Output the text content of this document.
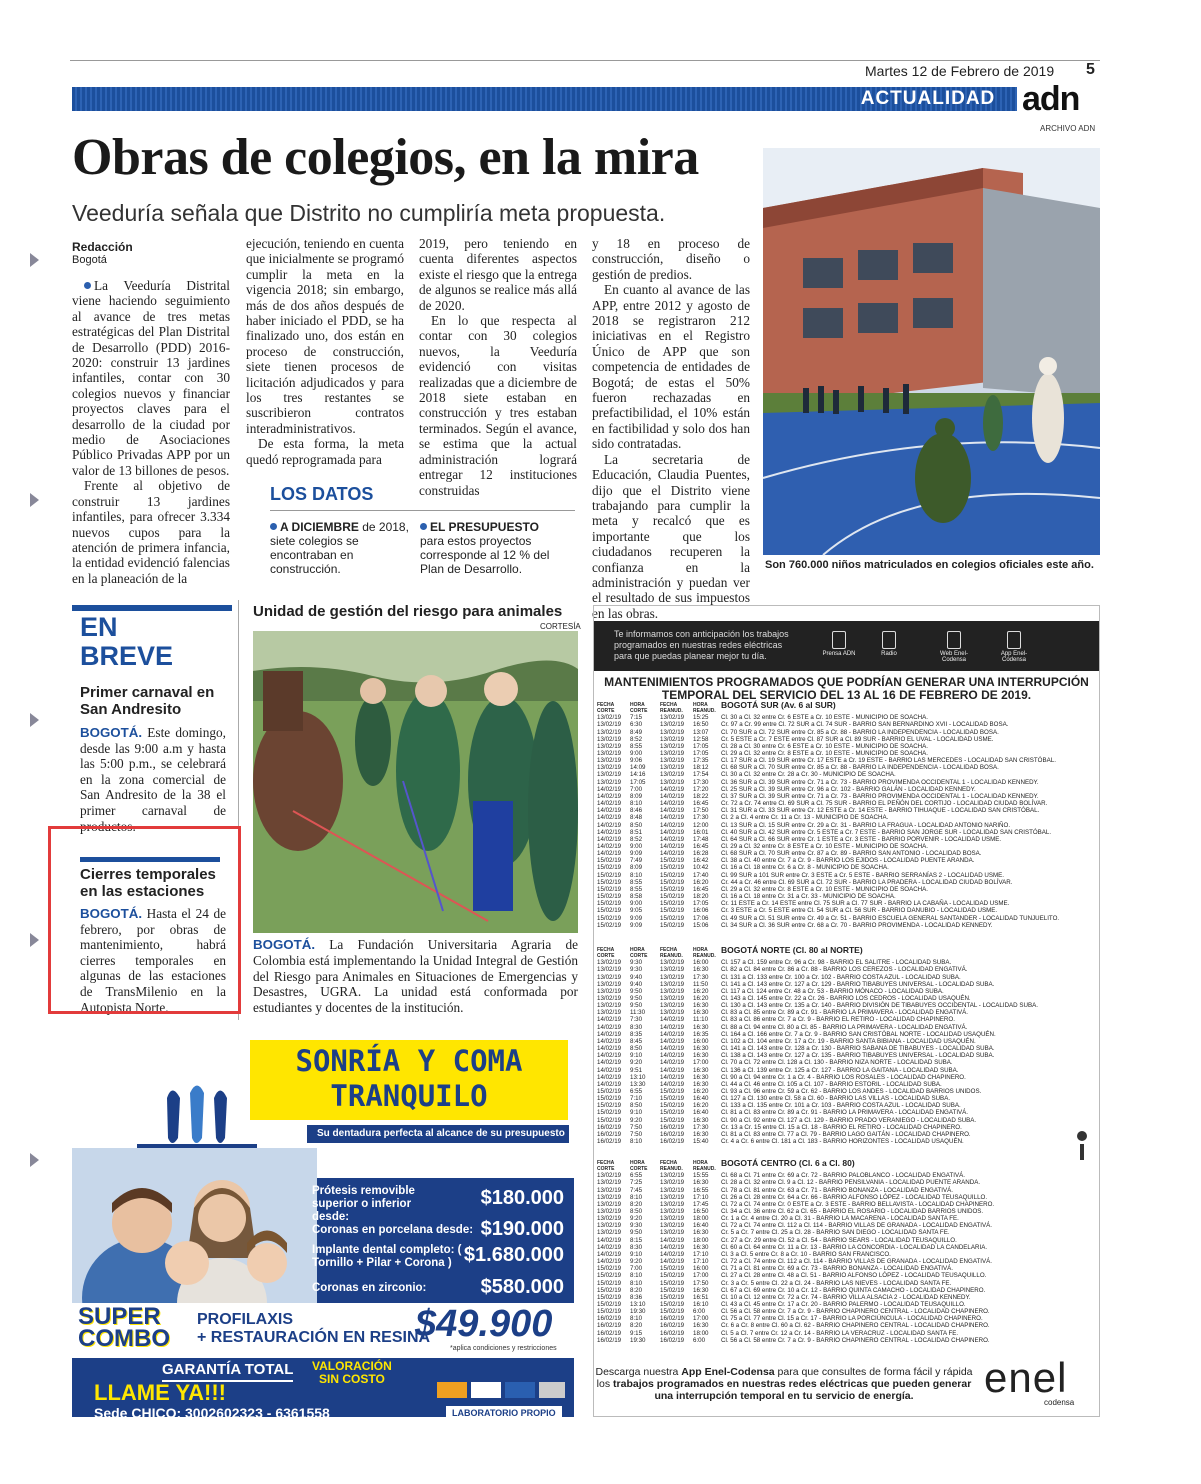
Martes 12 de Febrero de 2019 5
ACTUALIDAD adn
ARCHIVO ADN
Obras de colegios, en la mira
Veeduría señala que Distrito no cumpliría meta propuesta.
Redacción
Bogotá

La Veeduría Distrital viene haciendo seguimiento al avance de tres metas estratégicas del Plan Distrital de Desarrollo (PDD) 2016-2020: construir 13 jardines infantiles, contar con 30 colegios nuevos y financiar proyectos claves para el desarrollo de la ciudad por medio de Asociaciones Público Privadas APP por un valor de 13 billones de pesos.

Frente al objetivo de construir 13 jardines infantiles, para ofrecer 3.334 nuevos cupos para la atención de primera infancia, la entidad evidenció falencias en la planeación de la

ejecución, teniendo en cuenta que inicialmente se programó cumplir la meta en la vigencia 2018; sin embargo, más de dos años después de haber iniciado el PDD, se ha finalizado uno, dos están en proceso de construcción, siete tienen procesos de licitación adjudicados y para los tres restantes se suscribieron contratos interadministrativos.

De esta forma, la meta quedó reprogramada para

2019, pero teniendo en cuenta diferentes aspectos existe el riesgo que la entrega de algunos se realice más allá de 2020.

En lo que respecta al contar con 30 colegios nuevos, la Veeduría evidenció con visitas realizadas que a diciembre de 2018 siete estaban en construcción y tres estaban terminados. Según el avance, se estima que la actual administración logrará entregar 12 instituciones construidas

y 18 en proceso de construcción, diseño o gestión de predios.

En cuanto al avance de las APP, entre 2012 y agosto de 2018 se registraron 212 iniciativas en el Registro Único de APP que son competencia de entidades de Bogotá; de estas el 50% fueron rechazadas en prefactibilidad, el 10% están en factibilidad y solo dos han sido contratadas.

La secretaria de Educación, Claudia Puentes, dijo que el Distrito viene trabajando para cumplir la meta y recalcó que es importante que los ciudadanos recuperen la confianza en la administración y puedan ver el resultado de sus impuestos en las obras.

LOS DATOS
A DICIEMBRE de 2018, siete colegios se encontraban en construcción.
EL PRESUPUESTO para estos proyectos corresponde al 12 % del Plan de Desarrollo.	Son 760.000 niños matriculados en colegios oficiales este año.
EN
BREVE
Primer carnaval en San Andresito
BOGOTÁ. Este domingo, desde las 9:00 a.m y hasta las 5:00 p.m., se celebrará en la zona comercial de San Andresito de la 38 el primer carnaval de productos.
Cierres temporales en las estaciones
BOGOTÁ. Hasta el 24 de febrero, por obras de mantenimiento, habrá cierres temporales en algunas de las estaciones de TransMilenio en la Autopista Norte.
Unidad de gestión del riesgo para animales
CORTESÍA
BOGOTÁ. La Fundación Universitaria Agraria de Colombia está implementando la Unidad Integral de Gestión del Riesgo para Animales en Situaciones de Emergencias y Desastres, UGRA. La unidad está conformada por estudiantes y docentes de la institución.
Te informamos con anticipación los trabajos programados en nuestras redes eléctricas para que puedas planear mejor tu día.	Prensa ADN	Radio	Web Enel-Codensa
App Enel-Codensa
MANTENIMIENTOS PROGRAMADOS QUE PODRÍAN GENERAR UNA INTERRUPCIÓN TEMPORAL DEL SERVICIO DEL 13 AL 16 DE FEBRERO DE 2019.
FECHA CORTE
HORA CORTE
FECHA REANUD.
HORA REANUD.
BOGOTÁ SUR (Av. 6 al SUR)
13/02/19	7:15	13/02/19	15:25	Cl. 30 a Cl. 32 entre Cr. 6 ESTE a Cr. 10 ESTE - MUNICIPIO DE SOACHA.
13/02/19	6:30	13/02/19	16:50	Cr. 97 a Cr. 99 entre Cl. 72 SUR a Cl. 74 SUR - BARRIO SAN BERNARDINO XVII - LOCALIDAD BOSA.
13/02/19	8:49	13/02/19	13:07	Cl. 70 SUR a Cl. 72 SUR entre Cr. 85 a Cr. 88 - BARRIO LA INDEPENDENCIA - LOCALIDAD BOSA.
13/02/19	8:52	13/02/19	12:58	Cr. 5 ESTE a Cr. 7 ESTE entre Cl. 87 SUR a Cl. 89 SUR - BARRIO EL UVAL - LOCALIDAD USME.
13/02/19	8:55	13/02/19	17:05	Cl. 28 a Cl. 30 entre Cr. 6 ESTE a Cr. 10 ESTE - MUNICIPIO DE SOACHA.
13/02/19	9:00	13/02/19	17:05	Cl. 29 a Cl. 32 entre Cr. 8 ESTE a Cr. 10 ESTE - MUNICIPIO DE SOACHA.
13/02/19	9:06	13/02/19	17:35	Cl. 17 SUR a Cl. 19 SUR entre Cr. 17 ESTE a Cr. 19 ESTE - BARRIO LAS MERCEDES - LOCALIDAD SAN CRISTÓBAL.
13/02/19	14:09	13/02/19	18:12	Cl. 68 SUR a Cl. 70 SUR entre Cr. 85 a Cr. 88 - BARRIO LA INDEPENDENCIA - LOCALIDAD BOSA.
13/02/19	14:16	13/02/19	17:54	Cl. 30 a Cl. 32 entre Cr. 28 a Cr. 30 - MUNICIPIO DE SOACHA.
13/02/19	17:05	13/02/19	17:30	Cl. 36 SUR a Cl. 39 SUR entre Cr. 71 a Cr. 73 - BARRIO PROVIMENDA OCCIDENTAL 1 - LOCALIDAD KENNEDY.
14/02/19	7:00	14/02/19	17:20	Cl. 25 SUR a Cl. 39 SUR entre Cr. 96 a Cr. 102 - BARRIO GALÁN - LOCALIDAD KENNEDY.
14/02/19	8:09	14/02/19	18:22	Cl. 37 SUR a Cl. 39 SUR entre Cr. 71 a Cr. 73 - BARRIO PROVIMENDA OCCIDENTAL 1 - LOCALIDAD KENNEDY.
14/02/19	8:10	14/02/19	16:45	Cr. 72 a Cr. 74 entre Cl. 69 SUR a Cl. 75 SUR - BARRIO EL PEÑÓN DEL CORTIJO - LOCALIDAD CIUDAD BOLÍVAR.
14/02/19	8:46	14/02/19	17:50	Cl. 31 SUR a Cl. 33 SUR entre Cr. 12 ESTE a Cr. 14 ESTE - BARRIO TIHUAQUE - LOCALIDAD SAN CRISTÓBAL.
14/02/19	8:48	14/02/19	17:30	Cl. 2 a Cl. 4 entre Cr. 11 a Cr. 13 - MUNICIPIO DE SOACHA.
14/02/19	8:50	14/02/19	12:00	Cl. 13 SUR a Cl. 15 SUR entre Cr. 29 a Cr. 31 - BARRIO LA FRAGUA - LOCALIDAD ANTONIO NARIÑO.
14/02/19	8:51	14/02/19	16:01	Cl. 40 SUR a Cl. 42 SUR entre Cr. 5 ESTE a Cr. 7 ESTE - BARRIO SAN JORGE SUR - LOCALIDAD SAN CRISTÓBAL.
14/02/19	8:52	14/02/19	17:48	Cl. 64 SUR a Cl. 66 SUR entre Cr. 1 ESTE a Cr. 3 ESTE - BARRIO PORVENIR - LOCALIDAD USME.
14/02/19	9:00	14/02/19	16:45	Cl. 29 a Cl. 32 entre Cr. 8 ESTE a Cr. 10 ESTE - MUNICIPIO DE SOACHA.
14/02/19	9:09	14/02/19	16:28	Cl. 68 SUR a Cl. 70 SUR entre Cr. 87 a Cr. 89 - BARRIO SAN ANTONIO - LOCALIDAD BOSA.
15/02/19	7:49	15/02/19	16:42	Cl. 38 a Cl. 40 entre Cr. 7 a Cr. 9 - BARRIO LOS EJIDOS - LOCALIDAD PUENTE ARANDA.
15/02/19	8:09	15/02/19	10:42	Cl. 16 a Cl. 18 entre Cr. 6 a Cr. 8 - MUNICIPIO DE SOACHA.
15/02/19	8:10	15/02/19	17:40	Cl. 99 SUR a 101 SUR entre Cr. 3 ESTE a Cr. 5 ESTE - BARRIO SERRANÍAS 2 - LOCALIDAD USME.
15/02/19	8:55	15/02/19	16:20	Cr. 44 a Cr. 46 entre Cl. 69 SUR a Cl. 72 SUR - BARRIO LA PRADERA - LOCALIDAD CIUDAD BOLÍVAR.
15/02/19	8:55	15/02/19	16:45	Cl. 29 a Cl. 32 entre Cr. 8 ESTE a Cr. 10 ESTE - MUNICIPIO DE SOACHA.
15/02/19	8:58	15/02/19	18:20	Cl. 16 a Cl. 18 entre Cr. 31 a Cr. 33 - MUNICIPIO DE SOACHA.
15/02/19	9:00	15/02/19	17:05	Cr. 11 ESTE a Cr. 14 ESTE entre Cl. 75 SUR a Cl. 77 SUR - BARRIO LA CABAÑA - LOCALIDAD USME.
15/02/19	9:05	15/02/19	16:06	Cr. 3 ESTE a Cr. 5 ESTE entre Cl. 54 SUR a Cl. 56 SUR - BARRIO DANUBIO - LOCALIDAD USME.
15/02/19	9:09	15/02/19	17:06	Cl. 49 SUR a Cl. 51 SUR entre Cr. 49 a Cr. 51 - BARRIO ESCUELA GENERAL SANTANDER - LOCALIDAD TUNJUELITO.
15/02/19	9:09	15/02/19	15:06	Cl. 34 SUR a Cl. 36 SUR entre Cr. 68 a Cr. 70 - BARRIO PROVIMENDA - LOCALIDAD KENNEDY.
FECHA CORTE
HORA CORTE
FECHA REANUD.
HORA REANUD.
BOGOTÁ NORTE (Cl. 80 al NORTE)
13/02/19	9:30	13/02/19	16:00	Cl. 157 a Cl. 159 entre Cr. 96 a Cr. 98 - BARRIO EL SALITRE - LOCALIDAD SUBA.
13/02/19	9:30	13/02/19	16:30	Cl. 82 a Cl. 84 entre Cr. 86 a Cr. 88 - BARRIO LOS CEREZOS - LOCALIDAD ENGATIVÁ.
13/02/19	9:40	13/02/19	17:30	Cl. 131 a Cl. 133 entre Cr. 100 a Cr. 102 - BARRIO COSTA AZUL - LOCALIDAD SUBA.
13/02/19	9:40	13/02/19	11:50	Cl. 141 a Cl. 143 entre Cr. 127 a Cr. 129 - BARRIO TIBABUYES UNIVERSAL - LOCALIDAD SUBA.
13/02/19	9:50	13/02/19	16:20	Cl. 117 a Cl. 124 entre Cr. 48 a Cr. 53 - BARRIO MÓNACO - LOCALIDAD SUBA.
13/02/19	9:50	13/02/19	16:20	Cl. 143 a Cl. 145 entre Cr. 22 a Cr. 26 - BARRIO LOS CEDROS - LOCALIDAD USAQUÉN.
13/02/19	9:50	13/02/19	16:30	Cl. 130 a Cl. 143 entre Cr. 135 a Cr. 140 - BARRIO DIVISIÓN DE TIBABUYES OCCIDENTAL - LOCALIDAD SUBA.
13/02/19	11:30	13/02/19	16:30	Cl. 83 a Cl. 85 entre Cr. 89 a Cr. 91 - BARRIO LA PRIMAVERA - LOCALIDAD ENGATIVÁ.
14/02/19	7:30	14/02/19	11:10	Cl. 83 a Cl. 86 entre Cr. 7 a Cr. 9 - BARRIO EL RETIRO - LOCALIDAD CHAPINERO.
14/02/19	8:30	14/02/19	16:30	Cl. 88 a Cl. 94 entre Cl. 80 a Cl. 85 - BARRIO LA PRIMAVERA - LOCALIDAD ENGATIVÁ.
14/02/19	8:35	14/02/19	16:35	Cl. 164 a Cl. 166 entre Cr. 7 a Cr. 9 - BARRIO SAN CRISTÓBAL NORTE - LOCALIDAD USAQUÉN.
14/02/19	8:45	14/02/19	16:00	Cl. 102 a Cl. 104 entre Cr. 17 a Cr. 19 - BARRIO SANTA BIBIANA - LOCALIDAD USAQUÉN.
14/02/19	8:50	14/02/19	16:30	Cl. 141 a Cl. 143 entre Cr. 128 a Cr. 130 - BARRIO SABANA DE TIBABUYES - LOCALIDAD SUBA.
14/02/19	9:10	14/02/19	16:30	Cl. 138 a Cl. 143 entre Cr. 127 a Cr. 135 - BARRIO TIBABUYES UNIVERSAL - LOCALIDAD SUBA.
14/02/19	9:20	14/02/19	17:00	Cl. 70 a Cl. 72 entre Cl. 128 a Cl. 130 - BARRIO NIZA NORTE - LOCALIDAD SUBA.
14/02/19	9:51	14/02/19	16:30	Cl. 136 a Cl. 139 entre Cr. 125 a Cr. 127 - BARRIO LA GAITANA - LOCALIDAD SUBA.
14/02/19	13:10	14/02/19	16:30	Cl. 90 a Cl. 94 entre Cr. 1 a Cr. 4 - BARRIO LOS ROSALES - LOCALIDAD CHAPINERO.
14/02/19	13:30	14/02/19	16:30	Cl. 44 a Cl. 46 entre Cl. 105 a Cl. 107 - BARRIO ESTORIL - LOCALIDAD SUBA.
15/02/19	6:55	15/02/19	16:20	Cl. 93 a Cl. 96 entre Cr. 59 a Cr. 62 - BARRIO LOS ANDES - LOCALIDAD BARRIOS UNIDOS.
15/02/19	7:10	15/02/19	16:40	Cl. 127 a Cl. 130 entre Cl. 58 a Cl. 60 - BARRIO LAS VILLAS - LOCALIDAD SUBA.
15/02/19	8:50	15/02/19	16:20	Cl. 133 a Cl. 135 entre Cr. 101 a Cr. 103 - BARRIO COSTA AZUL - LOCALIDAD SUBA.
15/02/19	9:10	15/02/19	16:40	Cl. 81 a Cl. 83 entre Cr. 89 a Cr. 91 - BARRIO LA PRIMAVERA - LOCALIDAD ENGATIVÁ.
15/02/19	9:20	15/02/19	16:30	Cl. 90 a Cl. 92 entre Cl. 127 a Cl. 129 - BARRIO PRADO VERANIEGO - LOCALIDAD SUBA.
16/02/19	7:50	16/02/19	17:30	Cr. 13 a Cr. 15 entre Cl. 15 a Cl. 18 - BARRIO EL RETIRO - LOCALIDAD CHAPINERO.
16/02/19	7:50	16/02/19	16:30	Cl. 81 a Cl. 83 entre Cl. 77 a Cl. 79 - BARRIO LAGO GAITÁN - LOCALIDAD CHAPINERO.
16/02/19	8:10	16/02/19	15:40	Cr. 4 a Cr. 6 entre Cl. 181 a Cl. 183 - BARRIO HORIZONTES - LOCALIDAD USAQUÉN.
FECHA CORTE
HORA CORTE
FECHA REANUD.
HORA REANUD.
BOGOTÁ CENTRO (Cl. 6 a Cl. 80)
13/02/19	6:55	13/02/19	15:55	Cl. 68 a Cl. 71 entre Cr. 69 a Cr. 72 - BARRIO PALOBLANCO - LOCALIDAD ENGATIVÁ.
13/02/19	7:25	13/02/19	16:30	Cl. 28 a Cl. 32 entre Cl. 9 a Cl. 12 - BARRIO PENSILVANIA - LOCALIDAD PUENTE ARANDA.
13/02/19	7:45	13/02/19	16:55	Cl. 78 a Cl. 81 entre Cr. 63 a Cr. 71 - BARRIO BONANZA - LOCALIDAD ENGATIVÁ.
13/02/19	8:10	13/02/19	17:10	Cl. 26 a Cl. 28 entre Cr. 64 a Cr. 66 - BARRIO ALFONSO LÓPEZ - LOCALIDAD TEUSAQUILLO.
13/02/19	8:20	13/02/19	17:45	Cl. 72 a Cl. 74 entre Cr. 0 ESTE a Cr. 3 ESTE - BARRIO BELLAVISTA - LOCALIDAD CHAPINERO.
13/02/19	8:50	13/02/19	16:50	Cl. 34 a Cl. 36 entre Cl. 62 a Cl. 65 - BARRIO EL ROSARIO - LOCALIDAD BARRIOS UNIDOS.
13/02/19	9:20	13/02/19	18:00	Cr. 1 a Cr. 4 entre Cl. 20 a Cl. 31 - BARRIO LA MACARENA - LOCALIDAD SANTA FE.
13/02/19	9:30	13/02/19	16:40	Cl. 72 a Cl. 74 entre Cl. 112 a Cl. 114 - BARRIO VILLAS DE GRANADA - LOCALIDAD ENGATIVÁ.
13/02/19	9:50	13/02/19	16:30	Cr. 5 a Cr. 7 entre Cl. 25 a Cl. 28 - BARRIO SAN DIEGO - LOCALIDAD SANTA FE.
14/02/19	8:15	14/02/19	18:00	Cr. 27 a Cr. 29 entre Cl. 52 a Cl. 54 - BARRIO SEARS - LOCALIDAD TEUSAQUILLO.
14/02/19	8:30	14/02/19	16:30	Cl. 60 a Cl. 64 entre Cr. 11 a Cr. 13 - BARRIO LA CONCORDIA - LOCALIDAD LA CANDELARIA.
14/02/19	9:10	14/02/19	17:10	Cl. 3 a Cl. 5 entre Cr. 8 a Cr. 10 - BARRIO SAN FRANCISCO.
14/02/19	9:20	14/02/19	17:10	Cl. 72 a Cl. 74 entre Cl. 112 a Cl. 114 - BARRIO VILLAS DE GRANADA - LOCALIDAD ENGATIVÁ.
15/02/19	7:00	15/02/19	16:00	Cl. 71 a Cl. 81 entre Cr. 69 a Cr. 73 - BARRIO BONANZA - LOCALIDAD ENGATIVÁ.
15/02/19	8:10	15/02/19	17:00	Cl. 27 a Cl. 28 entre Cl. 48 a Cl. 51 - BARRIO ALFONSO LÓPEZ - LOCALIDAD TEUSAQUILLO.
15/02/19	8:10	15/02/19	17:50	Cr. 3 a Cr. 5 entre Cl. 22 a Cl. 24 - BARRIO LAS NIEVES - LOCALIDAD SANTA FE.
15/02/19	8:20	15/02/19	16:30	Cl. 67 a Cl. 69 entre Cr. 10 a Cr. 12 - BARRIO QUINTA CAMACHO - LOCALIDAD CHAPINERO.
15/02/19	8:36	15/02/19	16:51	Cl. 10 a Cl. 12 entre Cr. 72 a Cr. 74 - BARRIO VILLA ALSACIA 2 - LOCALIDAD KENNEDY.
15/02/19	13:10	15/02/19	16:10	Cl. 43 a Cl. 45 entre Cr. 17 a Cr. 20 - BARRIO PALERMO - LOCALIDAD TEUSAQUILLO.
15/02/19	19:30	15/02/19	6:00	Cl. 56 a Cl. 58 entre Cr. 7 a Cr. 9 - BARRIO CHAPINERO CENTRAL - LOCALIDAD CHAPINERO.
16/02/19	8:10	16/02/19	17:00	Cl. 75 a Cl. 77 entre Cl. 15 a Cr. 17 - BARRIO LA PORCIÚNCULA - LOCALIDAD CHAPINERO.
16/02/19	8:20	16/02/19	16:30	Cr. 6 a Cr. 8 entre Cl. 60 a Cl. 62 - BARRIO CHAPINERO CENTRAL - LOCALIDAD CHAPINERO.
16/02/19	9:15	16/02/19	18:00	Cl. 5 a Cl. 7 entre Cr. 12 a Cr. 14 - BARRIO LA VERACRUZ - LOCALIDAD SANTA FE.
16/02/19	19:30	16/02/19	6:00	Cl. 56 a Cl. 58 entre Cr. 7 a Cr. 9 - BARRIO CHAPINERO CENTRAL - LOCALIDAD CHAPINERO.
Descarga nuestra App Enel-Codensa para que consultes de forma fácil y rápida los trabajos programados en nuestras redes eléctricas que pueden generar una interrupción temporal en tu servicio de energía.	enel
codensa
SONRÍA Y COMA
TRANQUILO
Su dentadura perfecta al alcance de su presupuesto
Prótesis removible superior o inferior desde:
$180.000
Coronas en porcelana desde: $190.000
Implante dental completo: ( Tornillo + Pilar + Corona ) $1.680.000
Coronas en zirconio:	$580.000
SUPER
COMBO
PROFILAXIS
+ RESTAURACIÓN EN RESINA
$49.900
*aplica condiciones y restricciones
GARANTÍA TOTAL VALORACIÓN
SIN COSTO
LLAME YA!!!
Sede CHICO: 3002602323 - 6361558
Sede BOSQUE usaquén: 3006971911 - 2742716
LABORATORIO PROPIO
